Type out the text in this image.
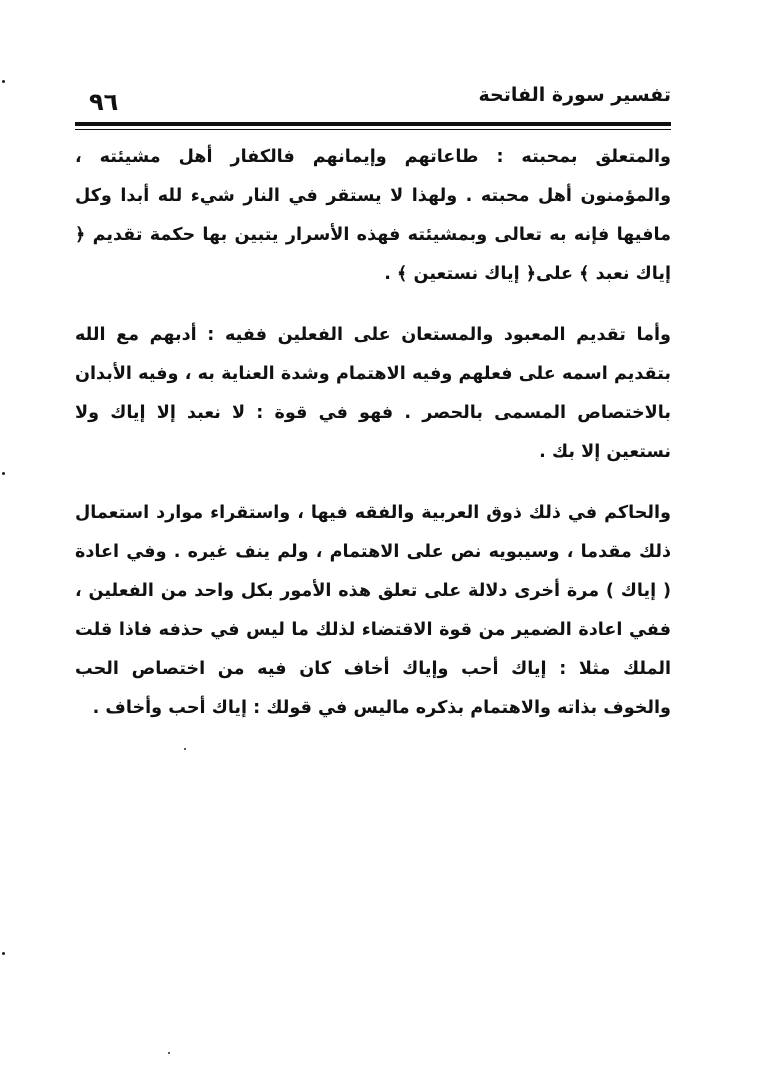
تفسير سورة الفاتحة
٩٦

والمتعلق بمحبته : طاعاتهم وإيمانهم فالكفار أهل مشيئته ، والمؤمنون أهل محبته . ولهذا لا يستقر في النار شيء لله أبدا وكل مافيها فإنه به تعالى وبمشيئته فهذه الأسرار يتبين بها حكمة تقديم ﴿ إياك نعبد ﴾ على﴿ إياك نستعين ﴾ .

وأما تقديم المعبود والمستعان على الفعلين ففيه : أدبهم مع الله بتقديم اسمه على فعلهم وفيه الاهتمام وشدة العناية به ، وفيه الأبدان بالاختصاص المسمى بالحصر . فهو في قوة : لا نعبد إلا إياك ولا نستعين إلا بك .

والحاكم في ذلك ذوق العربية والفقه فيها ، واستقراء موارد استعمال ذلك مقدما ، وسيبويه نص على الاهتمام ، ولم ينف غيره . وفي اعادة ( إياك ) مرة أخرى دلالة على تعلق هذه الأمور بكل واحد من الفعلين ، ففي اعادة الضمير من قوة الاقتضاء لذلك ما ليس في حذفه فاذا قلت الملك مثلا : إياك أحب وإياك أخاف كان فيه من اختصاص الحب والخوف بذاته والاهتمام بذكره ماليس في قولك : إياك أحب وأخاف .
